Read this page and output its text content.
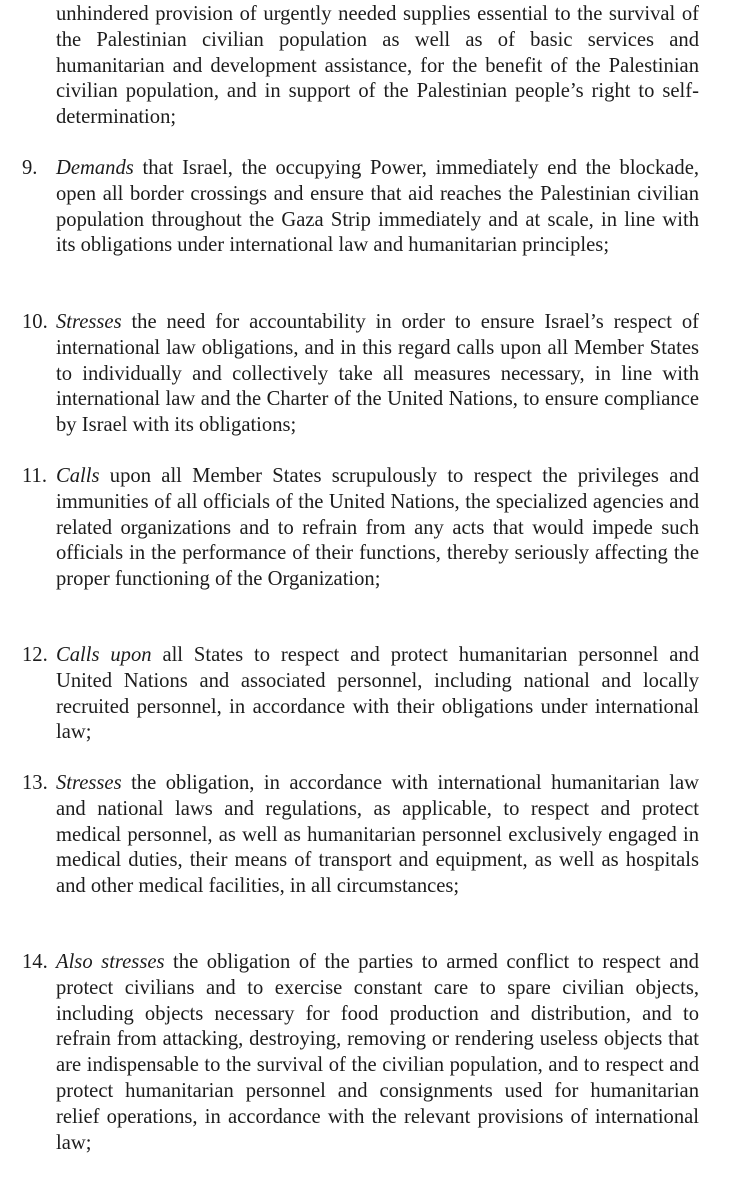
unhindered provision of urgently needed supplies essential to the survival of the Palestinian civilian population as well as of basic services and humanitarian and development assistance, for the benefit of the Palestinian civilian population, and in support of the Palestinian people’s right to self-determination;

9. Demands that Israel, the occupying Power, immediately end the blockade, open all border crossings and ensure that aid reaches the Palestinian civilian population throughout the Gaza Strip immediately and at scale, in line with its obligations under international law and humanitarian principles;

10. Stresses the need for accountability in order to ensure Israel’s respect of international law obligations, and in this regard calls upon all Member States to individually and collectively take all measures necessary, in line with international law and the Charter of the United Nations, to ensure compliance by Israel with its obligations;

11. Calls upon all Member States scrupulously to respect the privileges and immunities of all officials of the United Nations, the specialized agencies and related organizations and to refrain from any acts that would impede such officials in the performance of their functions, thereby seriously affecting the proper functioning of the Organization;

12. Calls upon all States to respect and protect humanitarian personnel and United Nations and associated personnel, including national and locally recruited personnel, in accordance with their obligations under international law;

13. Stresses the obligation, in accordance with international humanitarian law and national laws and regulations, as applicable, to respect and protect medical personnel, as well as humanitarian personnel exclusively engaged in medical duties, their means of transport and equipment, as well as hospitals and other medical facilities, in all circumstances;

14. Also stresses the obligation of the parties to armed conflict to respect and protect civilians and to exercise constant care to spare civilian objects, including objects necessary for food production and distribution, and to refrain from attacking, destroying, removing or rendering useless objects that are indispensable to the survival of the civilian population, and to respect and protect humanitarian personnel and consignments used for humanitarian relief operations, in accordance with the relevant provisions of international law;
